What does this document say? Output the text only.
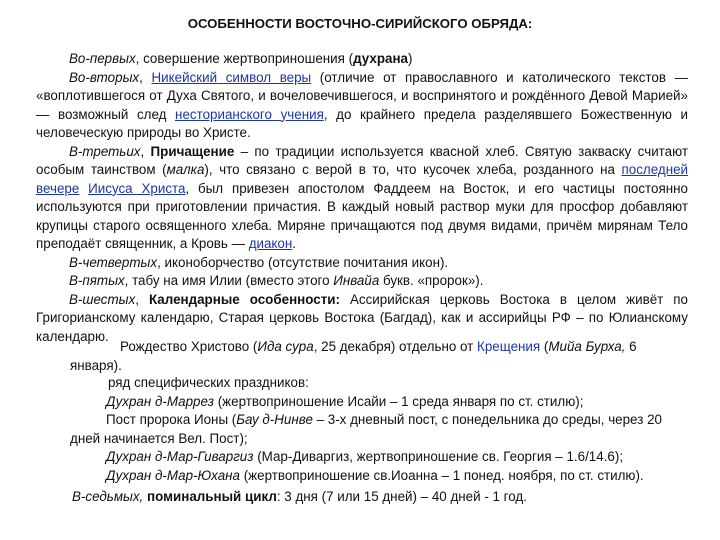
ОСОБЕННОСТИ ВОСТОЧНО-СИРИЙСКОГО ОБРЯДА:

Во-первых, совершение жертвоприношения (духрана)

Во-вторых, Никейский символ веры (отличие от православного и католического текстов — «воплотившегося от Духа Святого, и вочеловечившегося, и воспринятого и рождённого Девой Марией» — возможный след несторианского учения, до крайнего предела разделявшего Божественную и человеческую природы во Христе.

В-третьих, Причащение – по традиции используется квасной хлеб. Святую закваску считают особым таинством (малка), что связано с верой в то, что кусочек хлеба, розданного на последней вечере Иисуса Христа, был привезен апостолом Фаддеем на Восток, и его частицы постоянно используются при приготовлении причастия. В каждый новый раствор муки для просфор добавляют крупицы старого освященного хлеба. Миряне причащаются под двумя видами, причём мирянам Тело преподаёт священник, а Кровь — диакон.

В-четвертых, иконоборчество (отсутствие почитания икон).

В-пятых, табу на имя Илии (вместо этого Инвайа букв. «пророк»).

В-шестых, Календарные особенности: Ассирийская церковь Востока в целом живёт по Григорианскому календарю, Старая церковь Востока (Багдад), как и ассирийцы РФ – по Юлианскому календарю.

Рождество Христово (Ида сура, 25 декабря) отдельно от Крещения (Мийа Бурха, 6 января).

ряд специфических праздников:

Духран д-Маррез (жертвоприношение Исайи – 1 среда января по ст. стилю);

Пост пророка Ионы (Бау д-Нинве – 3-х дневный пост, с понедельника до среды, через 20 дней начинается Вел. Пост);

Духран д-Мар-Гиваргиз (Мар-Диваргиз, жертвоприношение св. Георгия – 1.6/14.6);

Духран д-Мар-Юхана (жертвоприношение св.Иоанна – 1 понед. ноября, по ст. стилю).

В-седьмых, поминальный цикл: 3 дня (7 или 15 дней) – 40 дней - 1 год.
